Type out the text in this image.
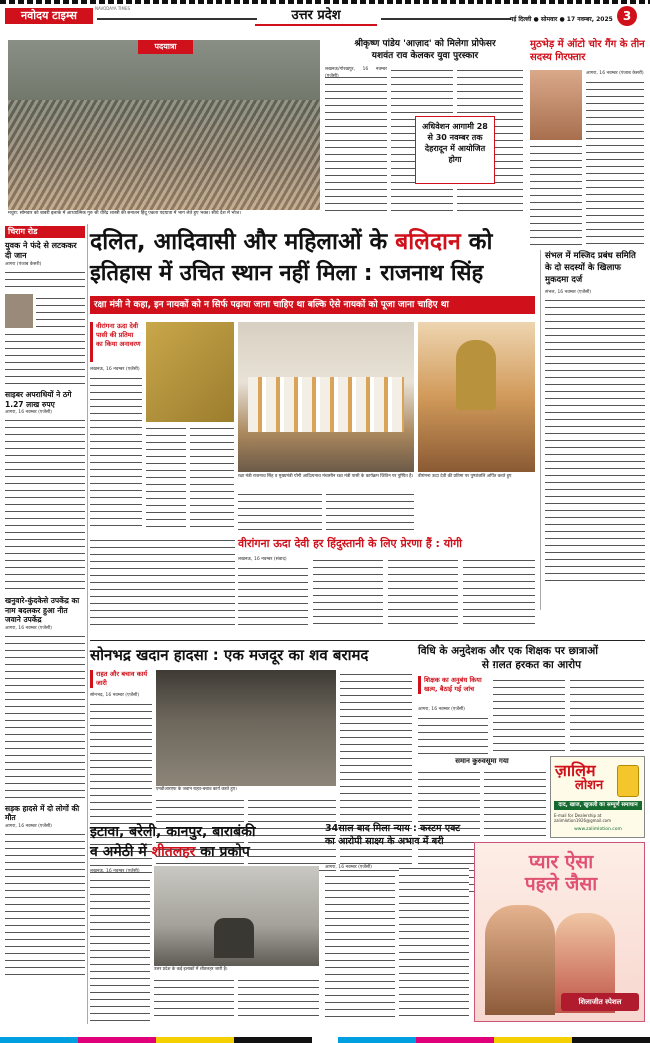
नवोदय टाइम्स
NAVODAYA TIMES	उत्तर प्रदेश	नई दिल्ली ● सोमवार ● 17 नवम्बर, 2025 3
पदयात्रा
मथुरा: सोमवार को बाबरी इलाके में आध्यात्मिक गुरु श्री धीरेंद्र शास्त्री की सनातन हिंदू एकता पदयात्रा में भाग लेते हुए भक्त। सीधे देश में भोज।
श्रीकृष्ण पांडेय 'आज़ाद' को मिलेगा प्रोफेसर
यशवंत राव केलकर युवा पुरस्कार
लखनऊ/गोरखपुर, 16 नवम्बर (एजेंसी)
अधिवेशन आगामी 28 से 30 नवम्बर तक देहरादून में आयोजित होगा
मुठभेड़ में ऑटो चोर गैंग के तीन सदस्य गिरफ्तार
आगरा, 16 नवम्बर (पंजाब केसरी)
चिराग रोड
युवक ने फंदे से लटककर दी जान
आगरा (पंजाब केसरी)
साइबर अपराधियों ने ठगे 1.27 लाख रुपए
आगरा, 16 नवम्बर (एजेंसी)
खनुवारे-कुंदकेसे उपकेंद्र का नाम बदलकर हुआ नीत जवाने उपकेंद्र
आगरा, 16 नवम्बर (एजेंसी)
सड़क हादसे में दो लोगों की मौत
आगरा, 16 नवम्बर (एजेंसी)
दलित, आदिवासी और महिलाओं के बलिदान को
इतिहास में उचित स्थान नहीं मिला : राजनाथ सिंह
रक्षा मंत्री ने कहा, इन नायकों को न सिर्फ पढ़ाया जाना चाहिए था बल्कि ऐसे नायकों को पूजा जाना चाहिए था
वीरांगना ऊदा देवी पासी की प्रतिमा का किया अनावरण
लखनऊ, 16 नवम्बर (एजेंसी)
रक्षा मंत्री राजनाथ सिंह व मुख्यमंत्री योगी आदित्यनाथ मंचासीन रक्षा मंत्री पासी के कार्यक्रम जितिन पर पुष्पित है। वीरांगना ऊदा देवी की प्रतिमा पर पुष्पांजलि अर्पित करते हुए
संभल में मस्जिद प्रबंध समिति के दो सदस्यों के खिलाफ मुकदमा दर्ज
संभल, 16 नवम्बर (एजेंसी)
वीरांगना ऊदा देवी हर हिंदुस्तानी के लिए प्रेरणा हैं : योगी
लखनऊ, 16 नवम्बर (संवाद)
सोनभद्र खदान हादसा : एक मजदूर का शव बरामद
राहत और बचाव कार्य जारी
सोनभद्र, 16 नवम्बर (एजेंसी)
एनडीआरएफ के जवान राहत-बचाव कार्य करते हुए।
विधि के अनुदेशक और एक शिक्षक पर छात्राओं
से ग़लत हरकत का आरोप
शिक्षक का अनुबंध किया खत्म, बैठाई गई जांच
आगरा, 16 नवम्बर (एजेंसी)
समान कुरुवसूमा गया	ज़ालिम
लोशन
दाद, खाज, खुजली का सम्पूर्ण समाधान
E-mail for Dealership at zalimlotion1926@gmail.com
www.zalimlotion.com
इटावा, बरेली, कानपुर, बाराबंकी
व अमेठी में शीतलहर का प्रकोप
लखनऊ, 16 नवम्बर (एजेंसी)
उत्तर प्रदेश के कई इलाकों में शीतलहर जारी है।
34साल बाद मिला न्याय : कस्टम एक्ट का आरोपी साक्ष्य के अभाव में बरी
आगरा, 16 नवम्बर (एजेंसी)	प्यार ऐसा
पहले जैसा
शिलाजीत स्पेशल
